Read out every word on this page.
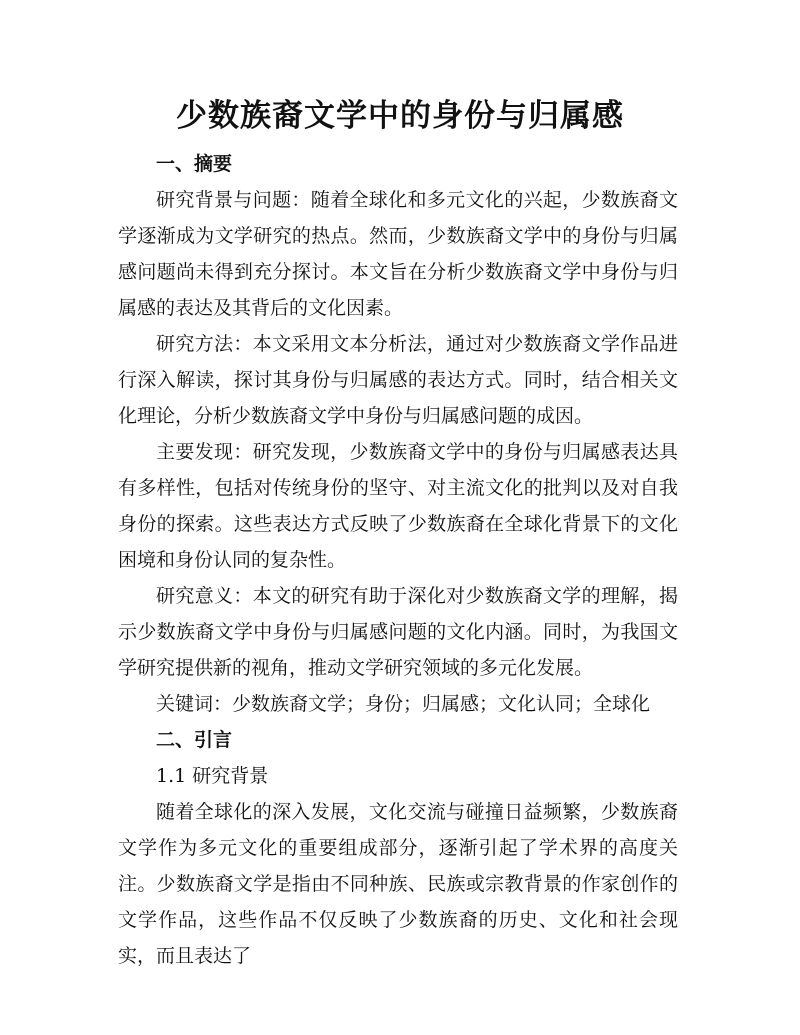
少数族裔文学中的身份与归属感

一、摘要

研究背景与问题：随着全球化和多元文化的兴起，少数族裔文学逐渐成为文学研究的热点。然而，少数族裔文学中的身份与归属感问题尚未得到充分探讨。本文旨在分析少数族裔文学中身份与归属感的表达及其背后的文化因素。

研究方法：本文采用文本分析法，通过对少数族裔文学作品进行深入解读，探讨其身份与归属感的表达方式。同时，结合相关文化理论，分析少数族裔文学中身份与归属感问题的成因。

主要发现：研究发现，少数族裔文学中的身份与归属感表达具有多样性，包括对传统身份的坚守、对主流文化的批判以及对自我身份的探索。这些表达方式反映了少数族裔在全球化背景下的文化困境和身份认同的复杂性。

研究意义：本文的研究有助于深化对少数族裔文学的理解，揭示少数族裔文学中身份与归属感问题的文化内涵。同时，为我国文学研究提供新的视角，推动文学研究领域的多元化发展。

关键词：少数族裔文学；身份；归属感；文化认同；全球化

二、引言

1.1 研究背景

随着全球化的深入发展，文化交流与碰撞日益频繁，少数族裔文学作为多元文化的重要组成部分，逐渐引起了学术界的高度关注。少数族裔文学是指由不同种族、民族或宗教背景的作家创作的文学作品，这些作品不仅反映了少数族裔的历史、文化和社会现实，而且表达了
